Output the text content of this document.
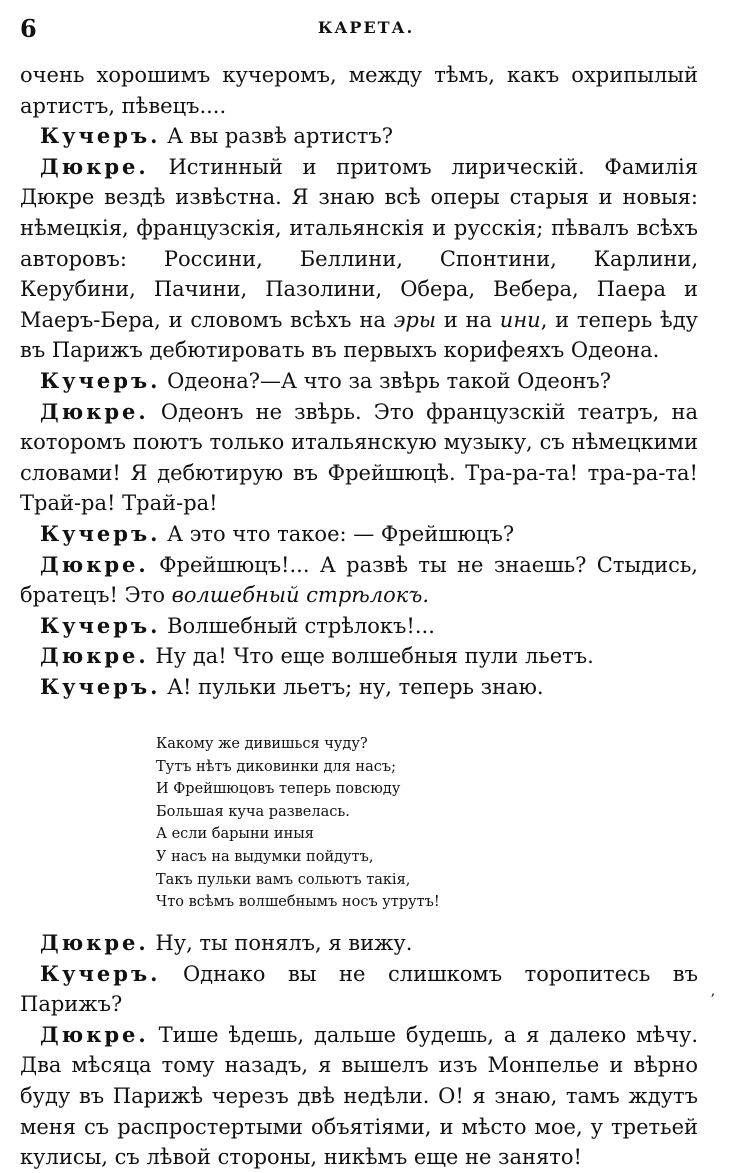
6	КАРЕТА.

очень хорошимъ кучеромъ, между тѣмъ, какъ охрипылый артистъ, пѣвецъ....

Кучеръ. А вы развѣ артистъ?

Дюкре. Истинный и притомъ лирическій. Фамилія Дюкре вездѣ извѣстна. Я знаю всѣ оперы старыя и новыя: нѣмецкія, французскія, итальянскія и русскія; пѣвалъ всѣхъ авторовъ: Россини, Беллини, Спонтини, Карлини, Керубини, Пачини, Пазолини, Обера, Вебера, Паера и Маеръ-Бера, и словомъ всѣхъ на эры и на ини, и теперь ѣду въ Парижъ дебютировать въ первыхъ корифеяхъ Одеона.

Кучеръ. Одеона?—А что за звѣрь такой Одеонъ?

Дюкре. Одеонъ не звѣрь. Это французскій театръ, на которомъ поютъ только итальянскую музыку, съ нѣмецкими словами! Я дебютирую въ Фрейшюцѣ. Тра-ра-та! тра-ра-та! Трай-ра! Трай-ра!

Кучеръ. А это что такое: — Фрейшюцъ?

Дюкре. Фрейшюцъ!... А развѣ ты не знаешь? Стыдись, братецъ! Это волшебный стрѣлокъ.

Кучеръ. Волшебный стрѣлокъ!...

Дюкре. Ну да! Что еще волшебныя пули льетъ.

Кучеръ. А! пульки льетъ; ну, теперь знаю.

Какому же дивишься чуду?
Тутъ нѣтъ диковинки для насъ;
И Фрейшюцовъ теперь повсюду
Большая куча развелась.
А если барыни иныя
У насъ на выдумки пойдутъ,
Такъ пульки вамъ сольютъ такія,
Что всѣмъ волшебнымъ носъ утрутъ!

Дюкре. Ну, ты понялъ, я вижу.

Кучеръ. Однако вы не слишкомъ торопитесь въ Парижъ?

Дюкре. Тише ѣдешь, дальше будешь, а я далеко мѣчу. Два мѣсяца тому назадъ, я вышелъ изъ Монпелье и вѣрно буду въ Парижѣ черезъ двѣ недѣли. О! я знаю, тамъ ждутъ меня съ распростертыми объятіями, и мѣсто мое, у третьей кулисы, съ лѣвой стороны, никѣмъ еще не занято!

ʼ
